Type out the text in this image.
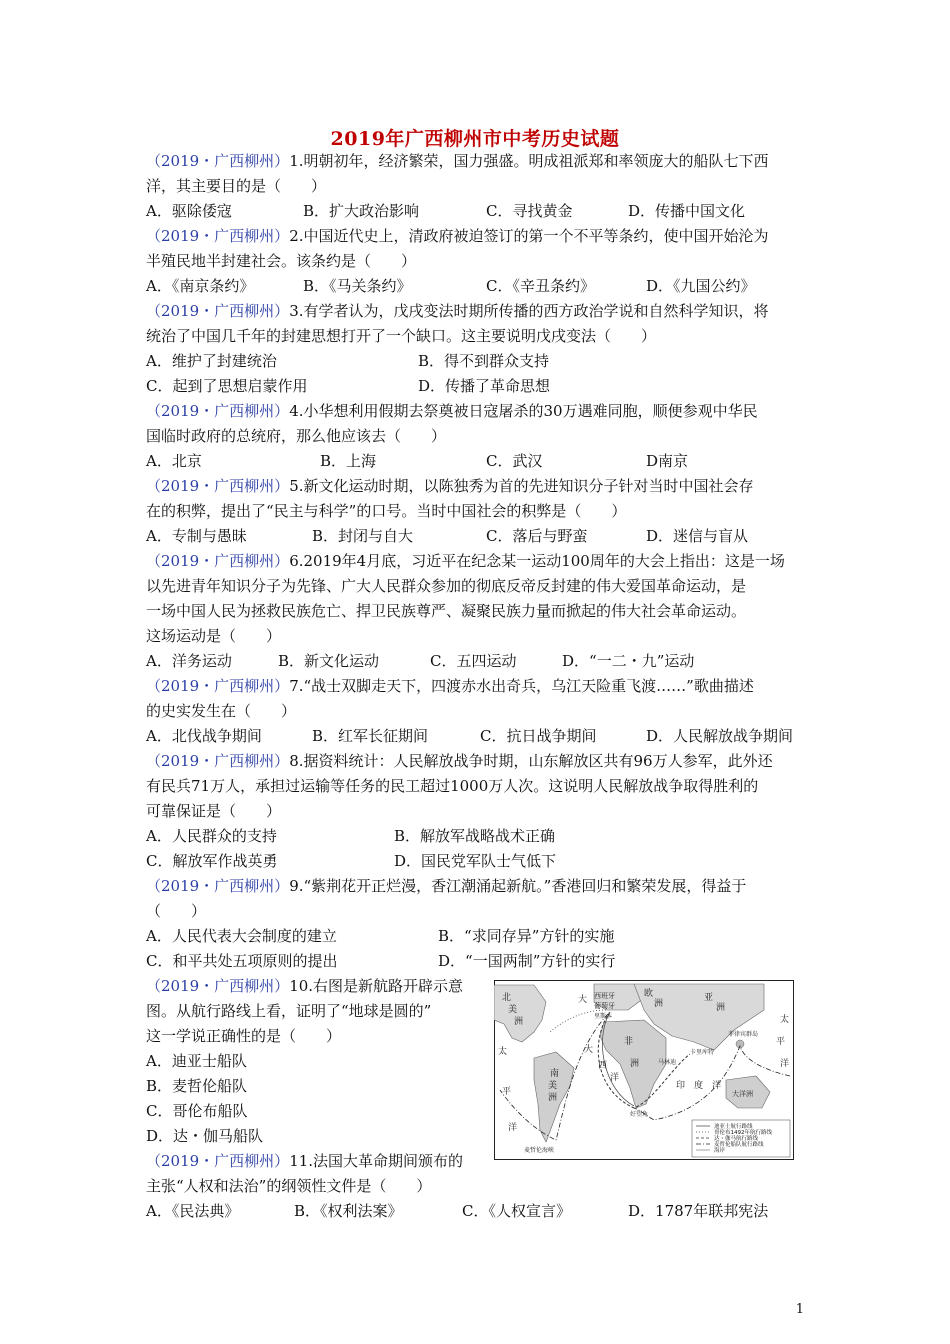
2019年广西柳州市中考历史试题
（2019・广西柳州）1.明朝初年，经济繁荣，国力强盛。明成祖派郑和率领庞大的船队七下西
洋，其主要目的是（　　）
A．驱除倭寇	B．扩大政治影响	C．寻找黄金	D．传播中国文化
（2019・广西柳州）2.中国近代史上，清政府被迫签订的第一个不平等条约，使中国开始沦为
半殖民地半封建社会。该条约是（　　）
A．《南京条约》	B．《马关条约》	C．《辛丑条约》	D．《九国公约》
（2019・广西柳州）3.有学者认为，戊戌变法时期所传播的西方政治学说和自然科学知识，将
统治了中国几千年的封建思想打开了一个缺口。这主要说明戊戌变法（　　）
A．维护了封建统治	B．得不到群众支持
C．起到了思想启蒙作用	D．传播了革命思想
（2019・广西柳州）4.小华想利用假期去祭奠被日寇屠杀的30万遇难同胞，顺便参观中华民
国临时政府的总统府，那么他应该去（　　）
A．北京	B．上海	C．武汉	D南京
（2019・广西柳州）5.新文化运动时期，以陈独秀为首的先进知识分子针对当时中国社会存
在的积弊，提出了“民主与科学”的口号。当时中国社会的积弊是（　　）
A．专制与愚昧	B．封闭与自大	C．落后与野蛮	D．迷信与盲从
（2019・广西柳州）6.2019年4月底，习近平在纪念某一运动100周年的大会上指出：这是一场
以先进青年知识分子为先锋、广大人民群众参加的彻底反帝反封建的伟大爱国革命运动，是
一场中国人民为拯救民族危亡、捍卫民族尊严、凝聚民族力量而掀起的伟大社会革命运动。
这场运动是（　　）
A．洋务运动	B．新文化运动	C．五四运动	D．“一二・九”运动
（2019・广西柳州）7.“战士双脚走天下，四渡赤水出奇兵，乌江天险重飞渡……”歌曲描述
的史实发生在（　　）
A．北伐战争期间	B．红军长征期间	C．抗日战争期间	D．人民解放战争期间
（2019・广西柳州）8.据资料统计：人民解放战争时期，山东解放区共有96万人参军，此外还
有民兵71万人，承担过运输等任务的民工超过1000万人次。这说明人民解放战争取得胜利的
可靠保证是（　　）
A．人民群众的支持	B．解放军战略战术正确
C．解放军作战英勇	D．国民党军队士气低下
（2019・广西柳州）9.“紫荆花开正烂漫，香江潮涌起新航。”香港回归和繁荣发展，得益于
（　　）
A．人民代表大会制度的建立	B．“求同存异”方针的实施
C．和平共处五项原则的提出	D．“一国两制”方针的实行
（2019・广西柳州）10.右图是新航路开辟示意
图。从航行路线上看，证明了“地球是圆的”
这一学说正确性的是（　　）
A．迪亚士船队
B．麦哲伦船队
C．哥伦布船队
D．达・伽马船队
（2019・广西柳州）11.法国大革命期间颁布的
主张“人权和法治”的纲领性文件是（　　）
A．《民法典》	B．《权利法案》	C．《人权宣言》	D．1787年联邦宪法
北
美
洲
大 西班牙
葡萄牙
里斯本
欧
洲
亚
洲
太
平
洋
卡里库特
菲律宾群岛
非
洲	马林迪
南
美
洲
大
西
洋
印 度 洋
好望角
大洋洲
太
平
洋
麦哲伦海峡
迪亚士航行路线
哥伦布1492年航行路线
达・伽马航行路线
麦哲伦船队航行路线
海岸
1
